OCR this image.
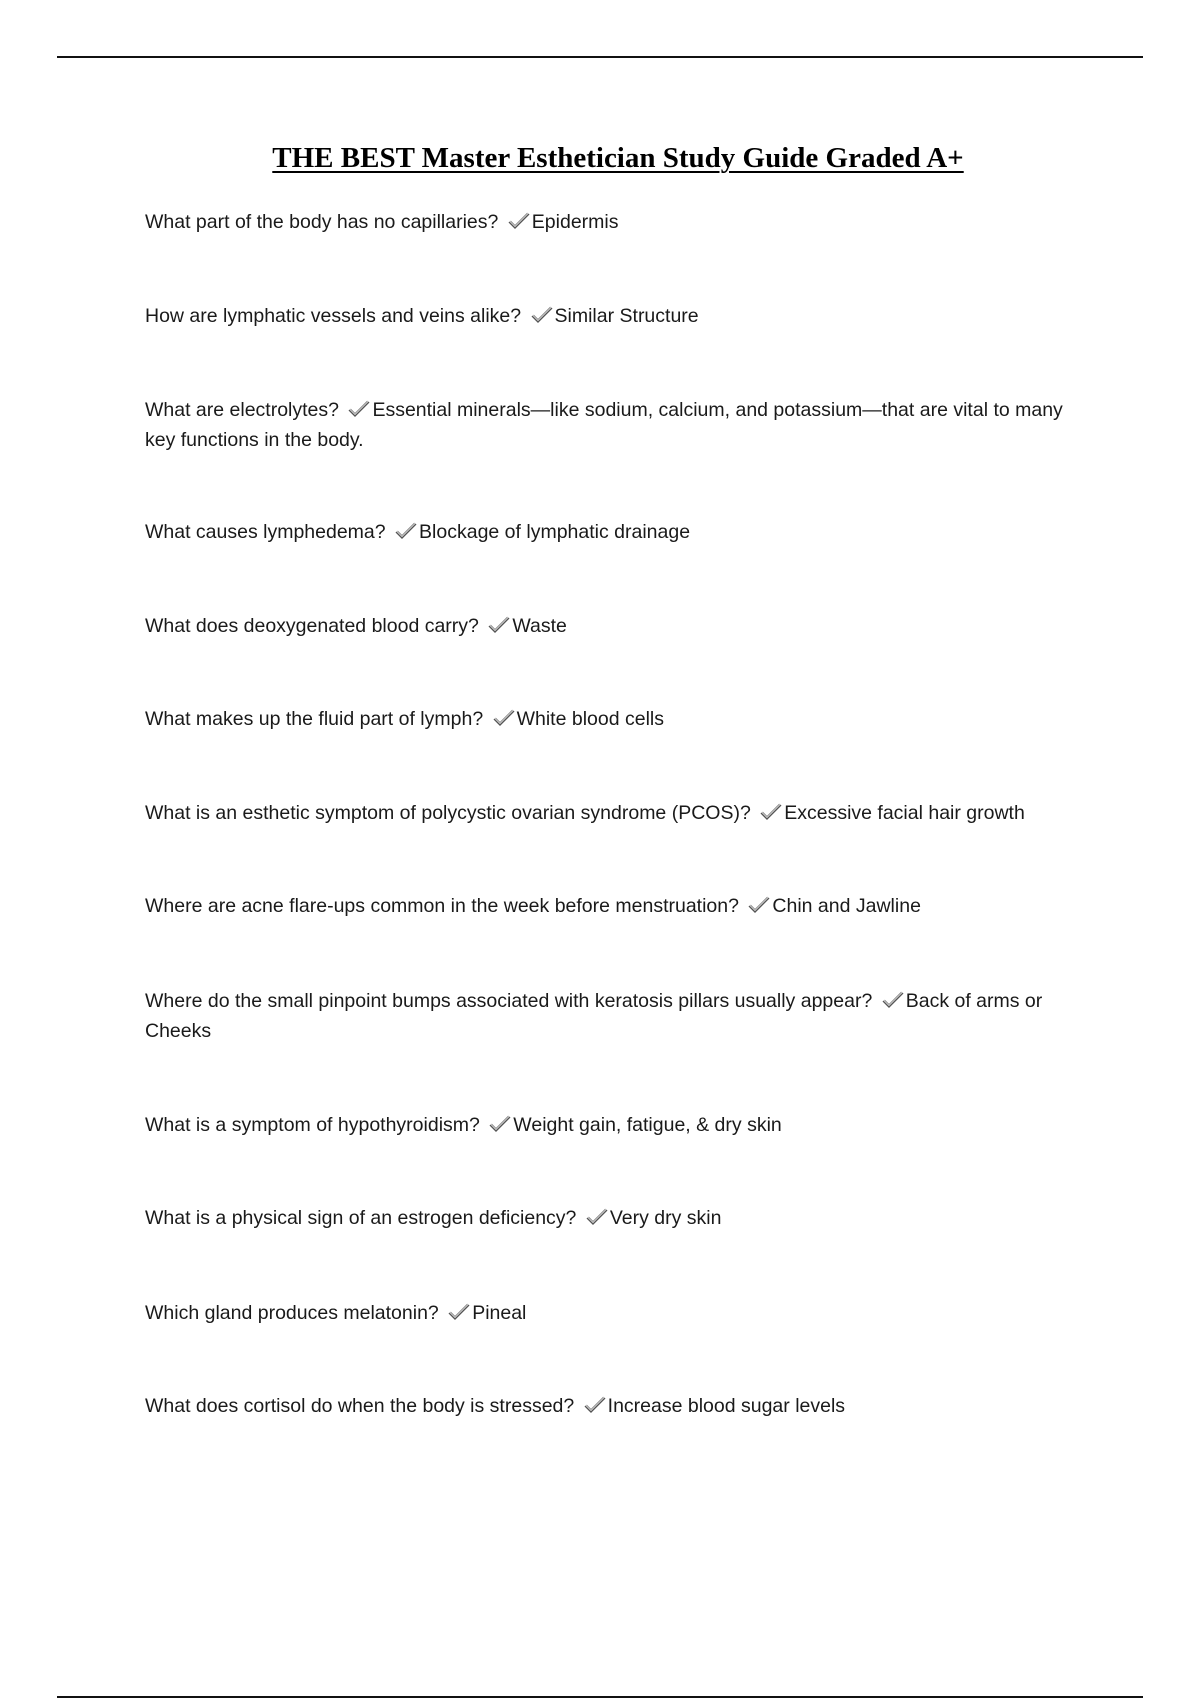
THE BEST Master Esthetician Study Guide Graded A+
What part of the body has no capillaries? Epidermis
How are lymphatic vessels and veins alike? Similar Structure
What are electrolytes? Essential minerals—like sodium, calcium, and potassium—that are vital to many key functions in the body.
What causes lymphedema? Blockage of lymphatic drainage
What does deoxygenated blood carry? Waste
What makes up the fluid part of lymph? White blood cells
What is an esthetic symptom of polycystic ovarian syndrome (PCOS)? Excessive facial hair growth
Where are acne flare-ups common in the week before menstruation? Chin and Jawline
Where do the small pinpoint bumps associated with keratosis pillars usually appear? Back of arms or Cheeks
What is a symptom of hypothyroidism? Weight gain, fatigue, & dry skin
What is a physical sign of an estrogen deficiency? Very dry skin
Which gland produces melatonin? Pineal
What does cortisol do when the body is stressed? Increase blood sugar levels
